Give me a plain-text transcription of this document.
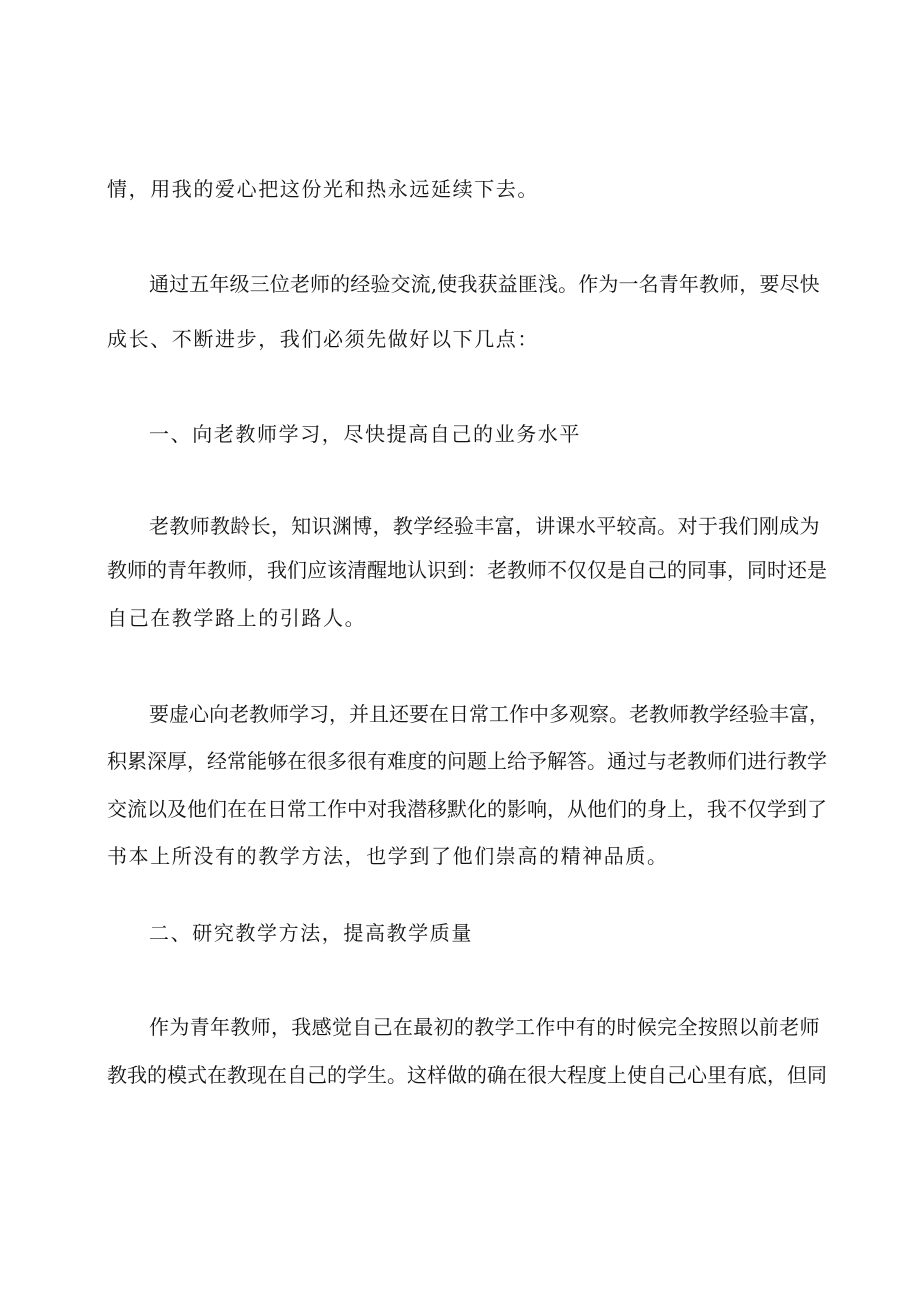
情，用我的爱心把这份光和热永远延续下去。
通过五年级三位老师的经验交流,使我获益匪浅。作为一名青年教师，要尽快
成长、不断进步，我们必须先做好以下几点：
一、向老教师学习，尽快提高自己的业务水平
老教师教龄长，知识渊博，教学经验丰富，讲课水平较高。对于我们刚成为
教师的青年教师，我们应该清醒地认识到：老教师不仅仅是自己的同事，同时还是
自己在教学路上的引路人。
要虚心向老教师学习，并且还要在日常工作中多观察。老教师教学经验丰富，
积累深厚，经常能够在很多很有难度的问题上给予解答。通过与老教师们进行教学
交流以及他们在在日常工作中对我潜移默化的影响，从他们的身上，我不仅学到了
书本上所没有的教学方法，也学到了他们崇高的精神品质。
二、研究教学方法，提高教学质量
作为青年教师，我感觉自己在最初的教学工作中有的时候完全按照以前老师
教我的模式在教现在自己的学生。这样做的确在很大程度上使自己心里有底，但同
